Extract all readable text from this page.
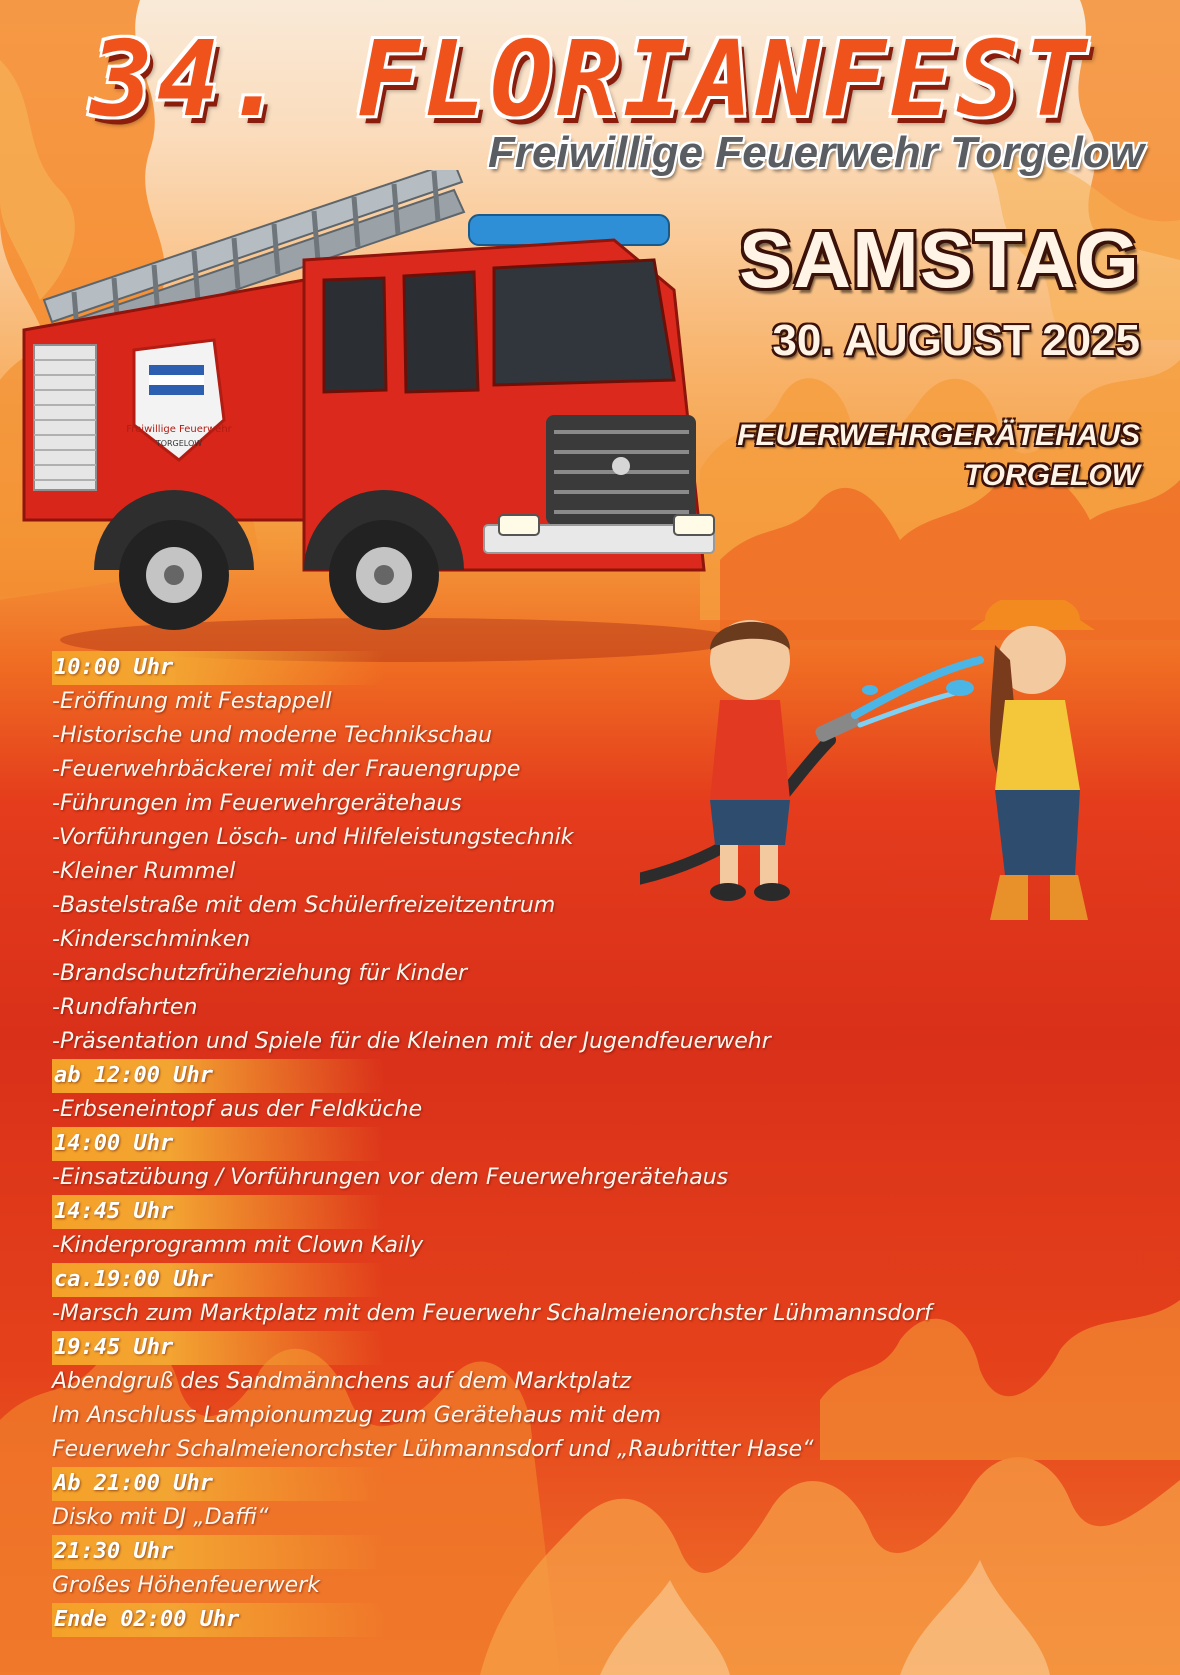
34. FLORIANFEST
Freiwillige Feuerwehr Torgelow
SAMSTAG
30. AUGUST 2025
FEUERWEHRGERÄTEHAUS
TORGELOW
Freiwillige Feuerwehr
TORGELOW
10:00 Uhr
-Eröffnung mit Festappell
-Historische und moderne Technikschau
-Feuerwehrbäckerei mit der Frauengruppe
-Führungen im Feuerwehrgerätehaus
-Vorführungen Lösch- und Hilfeleistungstechnik
-Kleiner Rummel
-Bastelstraße mit dem Schülerfreizeitzentrum
-Kinderschminken
-Brandschutzfrüherziehung für Kinder
-Rundfahrten
-Präsentation und Spiele für die Kleinen mit der Jugendfeuerwehr
ab 12:00 Uhr
-Erbseneintopf aus der Feldküche
14:00 Uhr
-Einsatzübung / Vorführungen vor dem Feuerwehrgerätehaus
14:45 Uhr
-Kinderprogramm mit Clown Kaily
ca.19:00 Uhr
-Marsch zum Marktplatz mit dem Feuerwehr Schalmeienorchster Lühmannsdorf
19:45 Uhr
Abendgruß des Sandmännchens auf dem Marktplatz
Im Anschluss Lampionumzug zum Gerätehaus mit dem
Feuerwehr Schalmeienorchster Lühmannsdorf und „Raubritter Hase“
Ab 21:00 Uhr
Disko mit DJ „Daffi“
21:30 Uhr
Großes Höhenfeuerwerk
Ende 02:00 Uhr
